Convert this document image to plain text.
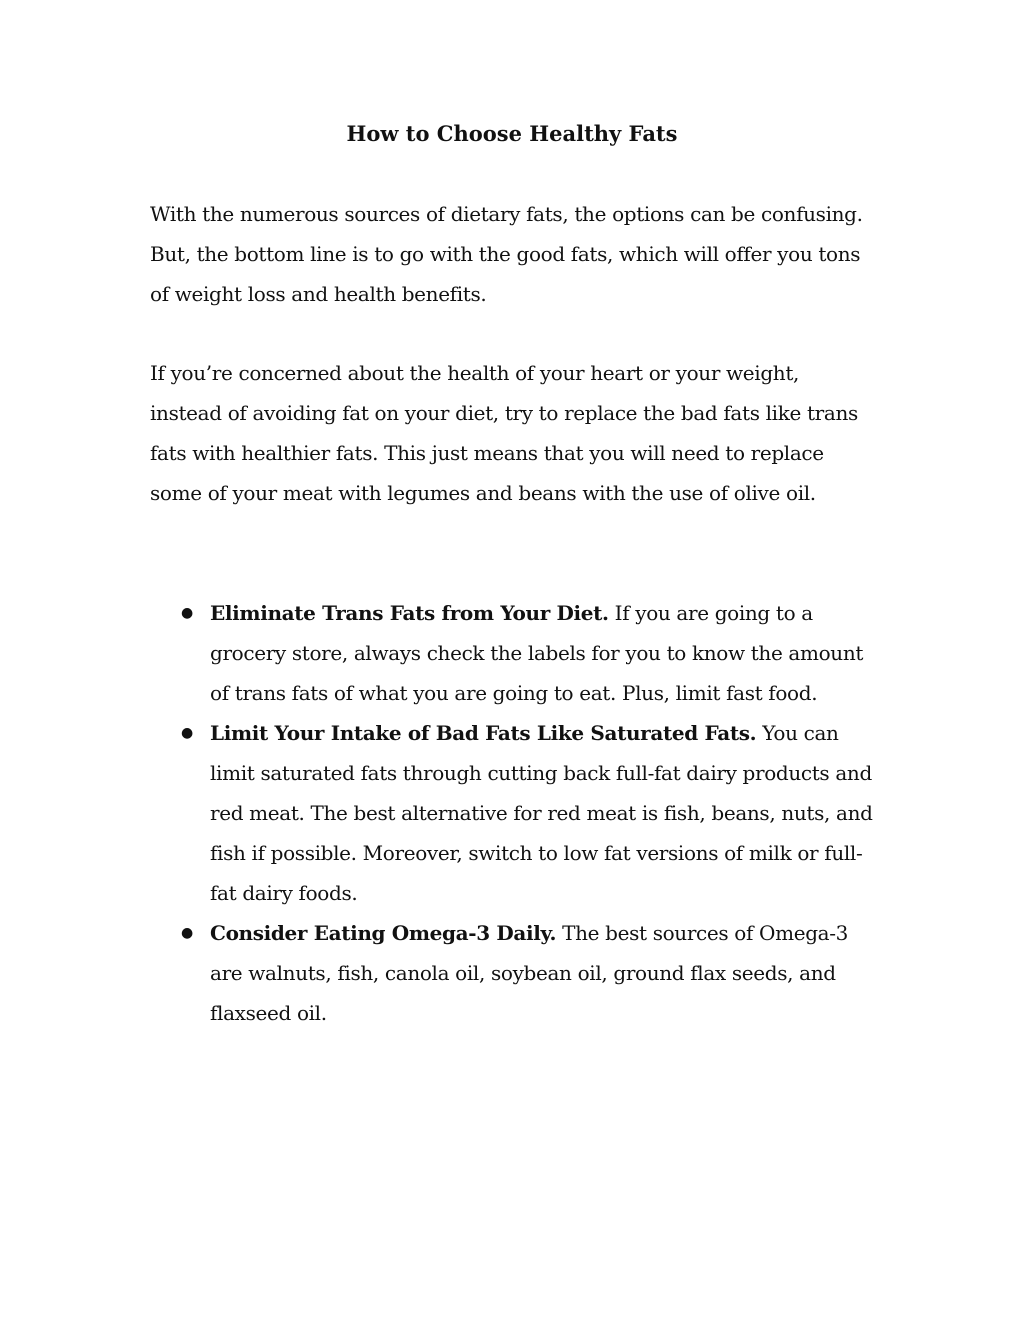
How to Choose Healthy Fats

With the numerous sources of dietary fats, the options can be confusing. But, the bottom line is to go with the good fats, which will offer you tons of weight loss and health benefits.

If you’re concerned about the health of your heart or your weight, instead of avoiding fat on your diet, try to replace the bad fats like trans fats with healthier fats. This just means that you will need to replace some of your meat with legumes and beans with the use of olive oil.

● Eliminate Trans Fats from Your Diet. If you are going to a grocery store, always check the labels for you to know the amount of trans fats of what you are going to eat. Plus, limit fast food.
● Limit Your Intake of Bad Fats Like Saturated Fats. You can limit saturated fats through cutting back full-fat dairy products and red meat. The best alternative for red meat is fish, beans, nuts, and fish if possible. Moreover, switch to low fat versions of milk or full-fat dairy foods.
● Consider Eating Omega-3 Daily. The best sources of Omega-3 are walnuts, fish, canola oil, soybean oil, ground flax seeds, and flaxseed oil.
